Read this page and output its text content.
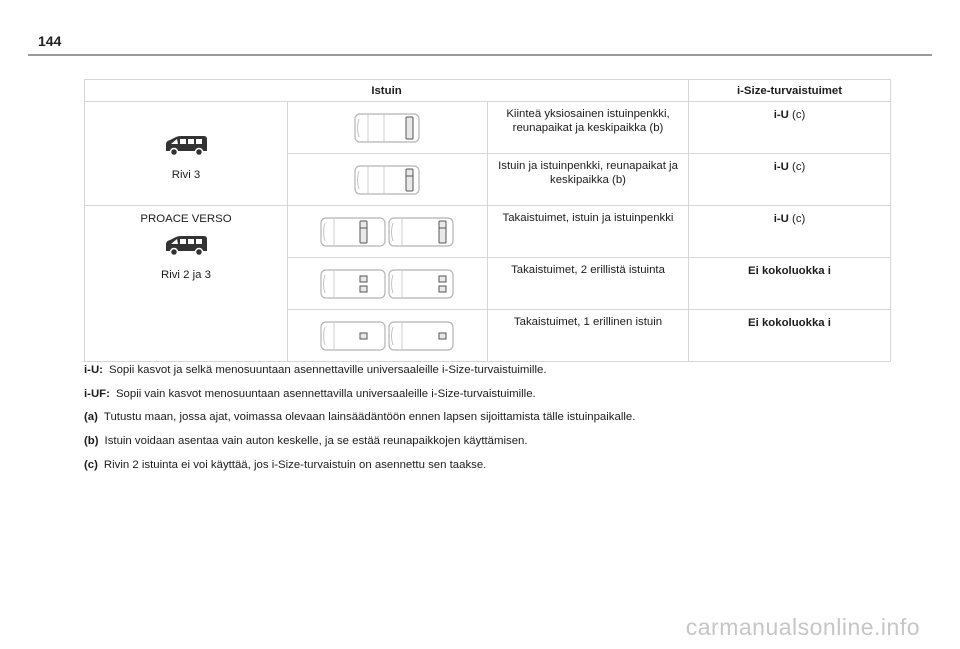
144
Istuin			i-Size-turvaistuimet

Rivi 3		Kiinteä yksiosainen istuinpenkki, reunapaikat ja keskipaikka (b)	i-U (c)

	Istuin ja istuinpenkki, reunapaikat ja keskipaikka (b)	i-U (c)

PROACE VERSO
Rivi 2 ja 3		Takaistuimet, istuin ja istuinpenkki	i-U (c)

	Takaistuimet, 2 erillistä istuinta	Ei kokoluokka i

	Takaistuimet, 1 erillinen istuin	Ei kokoluokka i
i-U: Sopii kasvot ja selkä menosuuntaan asennettaville universaaleille i-Size-turvaistuimille.
i-UF: Sopii vain kasvot menosuuntaan asennettavilla universaaleille i-Size-turvaistuimille.
(a) Tutustu maan, jossa ajat, voimassa olevaan lainsäädäntöön ennen lapsen sijoittamista tälle istuinpaikalle.
(b) Istuin voidaan asentaa vain auton keskelle, ja se estää reunapaikkojen käyttämisen.
(c) Rivin 2 istuinta ei voi käyttää, jos i-Size-turvaistuin on asennettu sen taakse.
carmanualsonline.info
